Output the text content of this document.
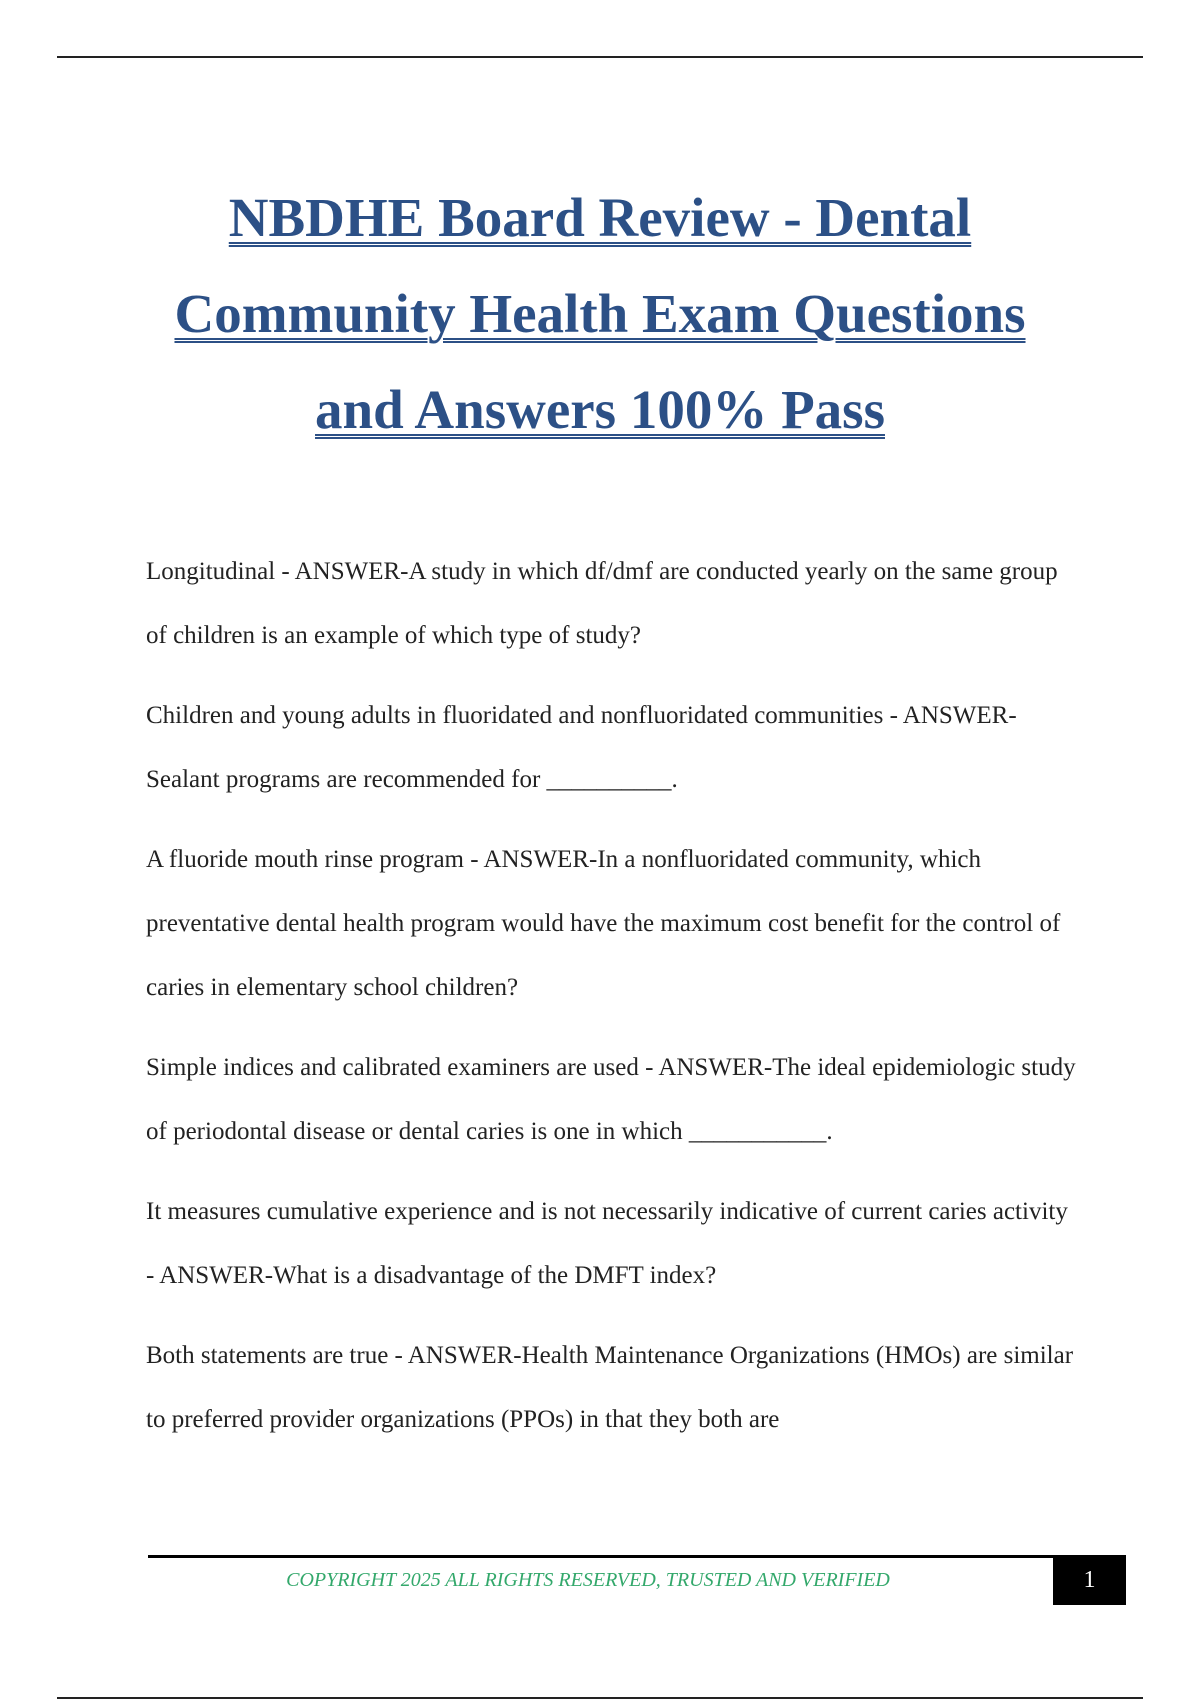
NBDHE Board Review - Dental
Community Health Exam Questions
and Answers 100% Pass

Longitudinal - ANSWER-A study in which df/dmf are conducted yearly on the same group of children is an example of which type of study?

Children and young adults in fluoridated and nonfluoridated communities - ANSWER-Sealant programs are recommended for __________.

A fluoride mouth rinse program - ANSWER-In a nonfluoridated community, which preventative dental health program would have the maximum cost benefit for the control of caries in elementary school children?

Simple indices and calibrated examiners are used - ANSWER-The ideal epidemiologic study of periodontal disease or dental caries is one in which ___________.

It measures cumulative experience and is not necessarily indicative of current caries activity - ANSWER-What is a disadvantage of the DMFT index?

Both statements are true - ANSWER-Health Maintenance Organizations (HMOs) are similar to preferred provider organizations (PPOs) in that they both are

COPYRIGHT 2025 ALL RIGHTS RESERVED, TRUSTED AND VERIFIED	1
